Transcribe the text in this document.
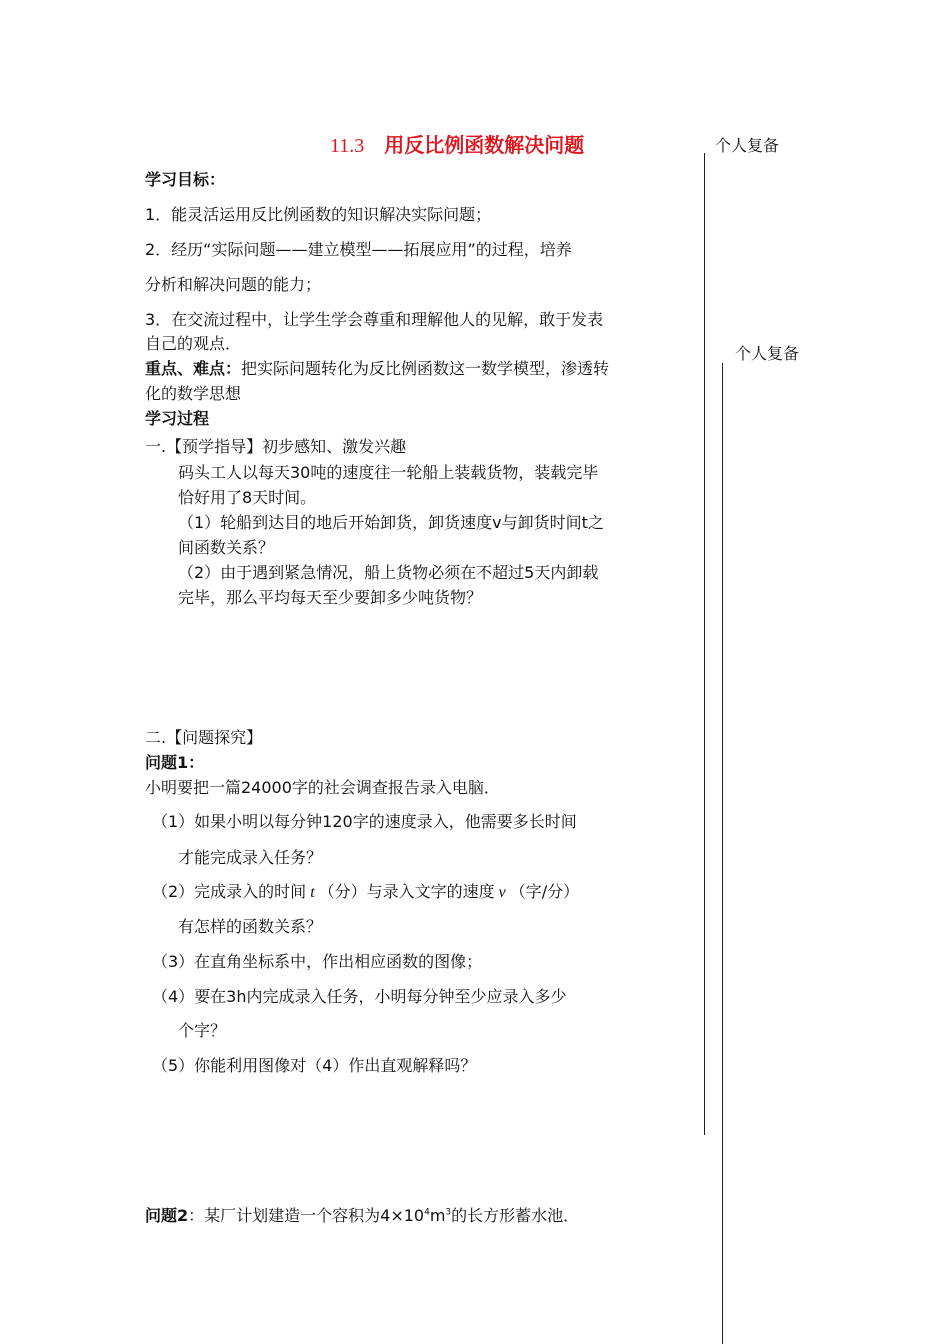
11.3 用反比例函数解决问题	个人复备
个人复备
学习目标：
1．能灵活运用反比例函数的知识解决实际问题；
2．经历“实际问题——建立模型——拓展应用”的过程，培养
分析和解决问题的能力；
3．在交流过程中，让学生学会尊重和理解他人的见解，敢于发表
自己的观点．
重点、难点：把实际问题转化为反比例函数这一数学模型，渗透转
化的数学思想
学习过程
一.【预学指导】初步感知、激发兴趣
码头工人以每天30吨的速度往一轮船上装载货物，装载完毕
恰好用了8天时间。
（1）轮船到达目的地后开始卸货，卸货速度v与卸货时间t之
间函数关系？
（2）由于遇到紧急情况，船上货物必须在不超过5天内卸载
完毕，那么平均每天至少要卸多少吨货物？
二.【问题探究】
问题1：
小明要把一篇24000字的社会调查报告录入电脑．
（1）如果小明以每分钟120字的速度录入，他需要多长时间
才能完成录入任务？
（2）完成录入的时间 t （分）与录入文字的速度 v （字/分）
有怎样的函数关系？
（3）在直角坐标系中，作出相应函数的图像；
（4）要在3h内完成录入任务，小明每分钟至少应录入多少
个字？
（5）你能利用图像对（4）作出直观解释吗？
问题2：某厂计划建造一个容积为$4\times 10^4m^3$的长方形蓄水池．
